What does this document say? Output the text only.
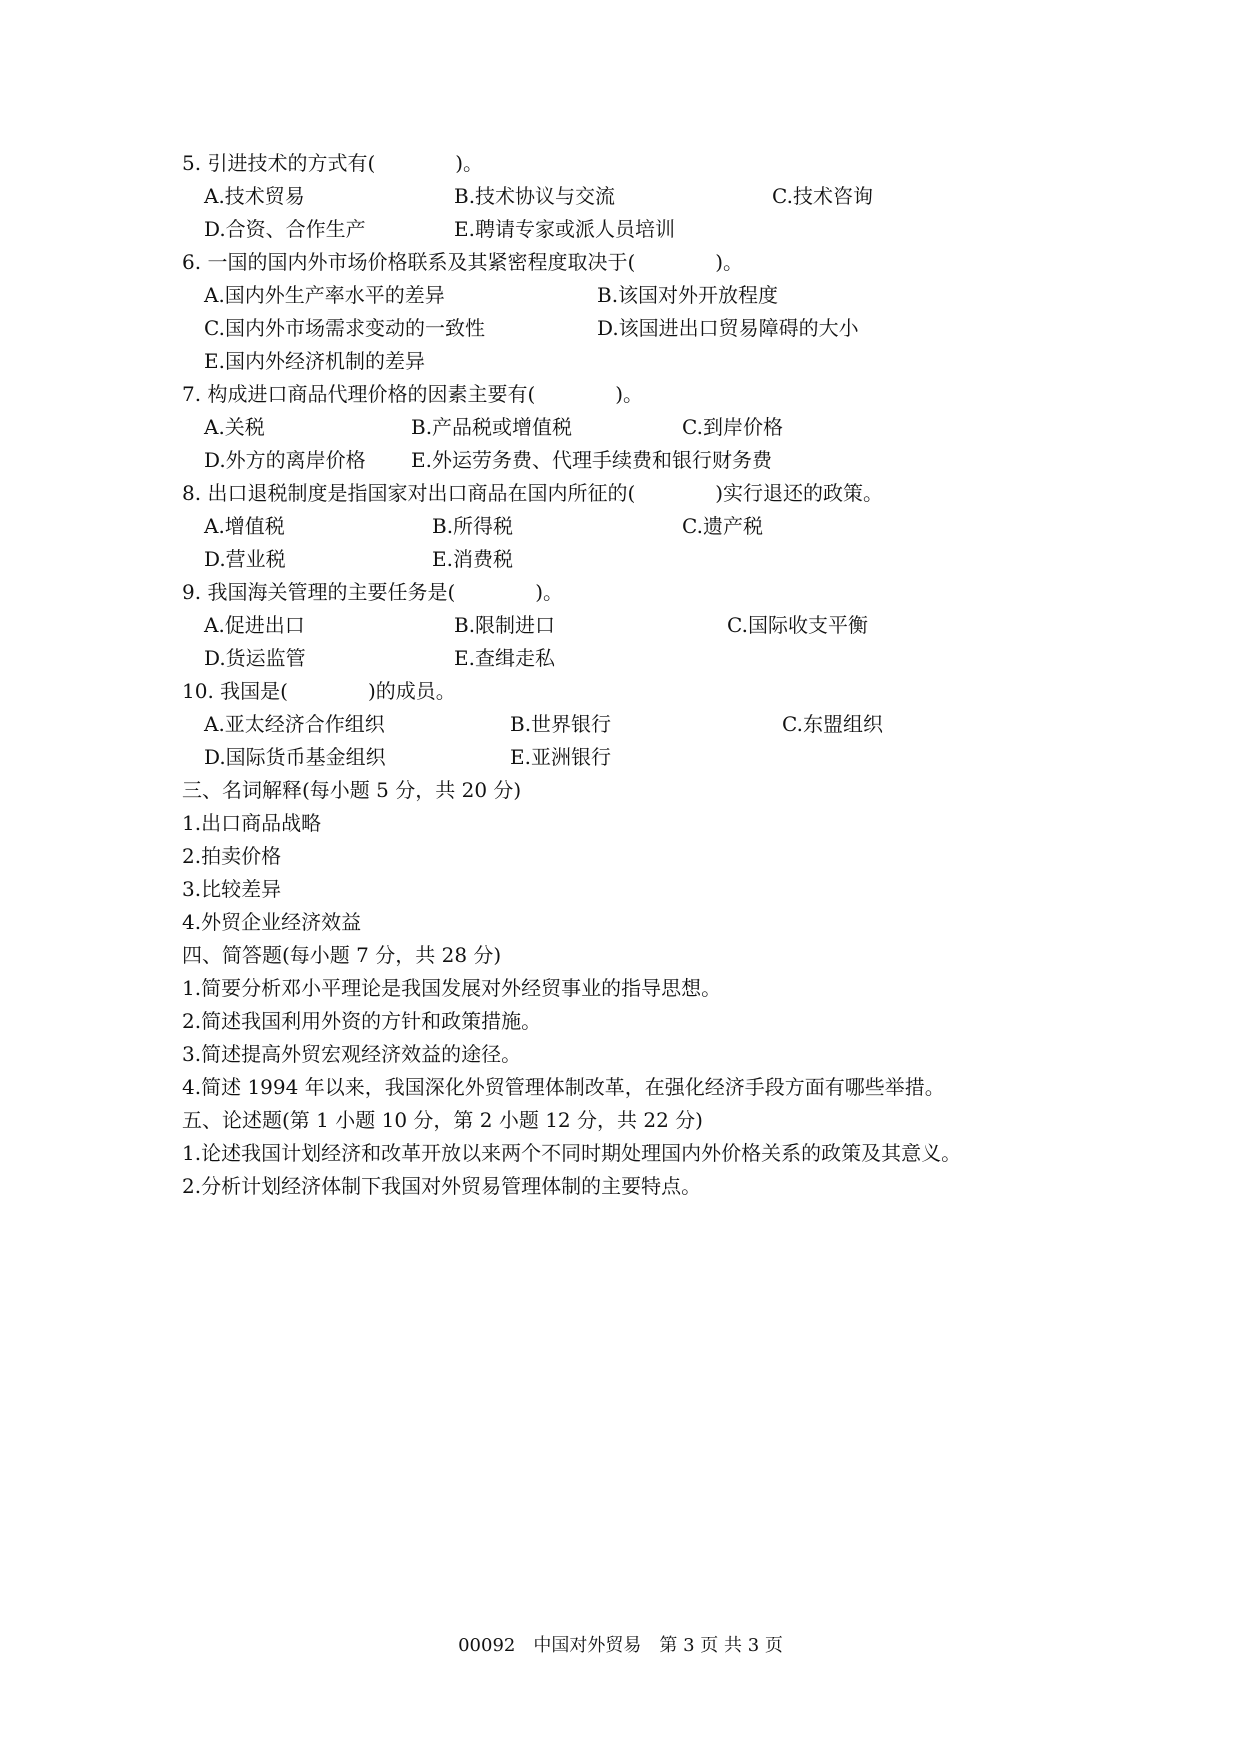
5. 引进技术的方式有(　　　　)。
A.技术贸易	B.技术协议与交流	C.技术咨询
D.合资、合作生产	E.聘请专家或派人员培训
6. 一国的国内外市场价格联系及其紧密程度取决于(　　　　)。
A.国内外生产率水平的差异	B.该国对外开放程度
C.国内外市场需求变动的一致性	D.该国进出口贸易障碍的大小
E.国内外经济机制的差异
7. 构成进口商品代理价格的因素主要有(　　　　)。
A.关税	B.产品税或增值税	C.到岸价格
D.外方的离岸价格 E.外运劳务费、代理手续费和银行财务费
8. 出口退税制度是指国家对出口商品在国内所征的(　　　　)实行退还的政策。
A.增值税	B.所得税	C.遗产税
D.营业税	E.消费税
9. 我国海关管理的主要任务是(　　　　)。
A.促进出口	B.限制进口	C.国际收支平衡
D.货运监管	E.查缉走私
10. 我国是(　　　　)的成员。
A.亚太经济合作组织	B.世界银行	C.东盟组织
D.国际货币基金组织	E.亚洲银行
三、名词解释(每小题 5 分，共 20 分)
1.出口商品战略
2.拍卖价格
3.比较差异
4.外贸企业经济效益
四、简答题(每小题 7 分，共 28 分)
1.简要分析邓小平理论是我国发展对外经贸事业的指导思想。
2.简述我国利用外资的方针和政策措施。
3.简述提高外贸宏观经济效益的途径。
4.简述 1994 年以来，我国深化外贸管理体制改革，在强化经济手段方面有哪些举措。
五、论述题(第 1 小题 10 分，第 2 小题 12 分，共 22 分)
1.论述我国计划经济和改革开放以来两个不同时期处理国内外价格关系的政策及其意义。
2.分析计划经济体制下我国对外贸易管理体制的主要特点。
00092　中国对外贸易　第 3 页 共 3 页
